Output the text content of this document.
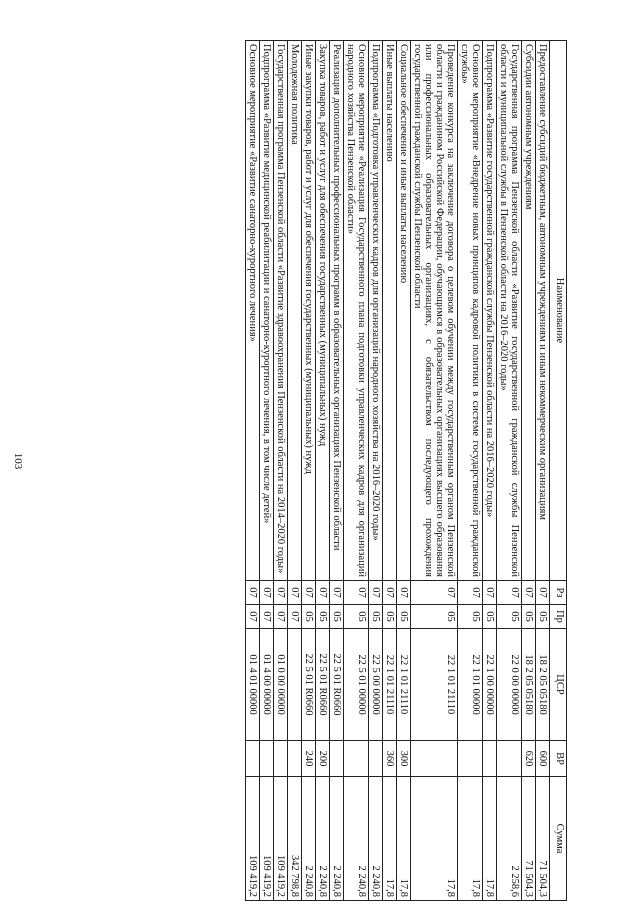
103
Наименование	Рз	Пр	ЦСР	ВР	Сумма
Предоставление субсидий бюджетным, автономным учреждениям и иным некоммерческим организациям	07	05	18 2 05 05180	600	71 504,3
Субсидии автономным учреждениям	07	05	18 2 05 05180	620	71 504,3
Государственная программа Пензенской области «Развитие государственной гражданской службы Пензенской области и муниципальной службы в Пензенской области на 2016–2020 годы»	07	05	22 0 00 00000		2 258,6
Подпрограмма «Развитие государственной гражданской службы Пензенской области на 2016–2020 годы»	07	05	22 1 00 00000		17,8
Основное мероприятие «Внедрение новых принципов кадровой политики в системе государственной гражданской службы»	07	05	22 1 01 00000		17,8
Проведение конкурса на заключение договора о целевом обучении между государственным органом Пензенской области и гражданином Российской Федерации, обучающимся в образовательных организациях высшего образования или профессиональных образовательных организациях, с обязательством последующего прохождения государственной гражданской службы Пензенской области	07	05	22 1 01 21110		17,8
Социальное обеспечение и иные выплаты населению	07	05	22 1 01 21110	300	17,8
Иные выплаты населению	07	05	22 1 01 21110	360	17,8
Подпрограмма «Подготовка управленческих кадров для организаций народного хозяйства на 2016–2020 годы»	07	05	22 5 00 00000		2 240,8
Основное мероприятие «Реализация Государственного плана подготовки управленческих кадров для организаций народного хозяйства Пензенской области»	07	05	22 5 01 00000		2 240,8
Реализация дополнительных профессиональных программ в образовательных организациях Пензенской области	07	05	22 5 01 R0660		2 240,8
Закупка товаров, работ и услуг для обеспечения государственных (муниципальных) нужд	07	05	22 5 01 R0660	200	2 240,8
Иные закупки товаров, работ и услуг для обеспечения государственных (муниципальных) нужд	07	05	22 5 01 R0660	240	2 240,8
Молодежная политика	07	07			342 798,8
Государственная программа Пензенской области «Развитие здравоохранения Пензенской области на 2014–2020 годы»	07	07	01 0 00 00000		109 419,2
Подпрограмма «Развитие медицинской реабилитации и санаторно-курортного лечения, в том числе детей»	07	07	01 4 00 00000		109 419,2
Основное мероприятие «Развитие санаторно-курортного лечения»	07	07	01 4 01 00000		109 419,2
